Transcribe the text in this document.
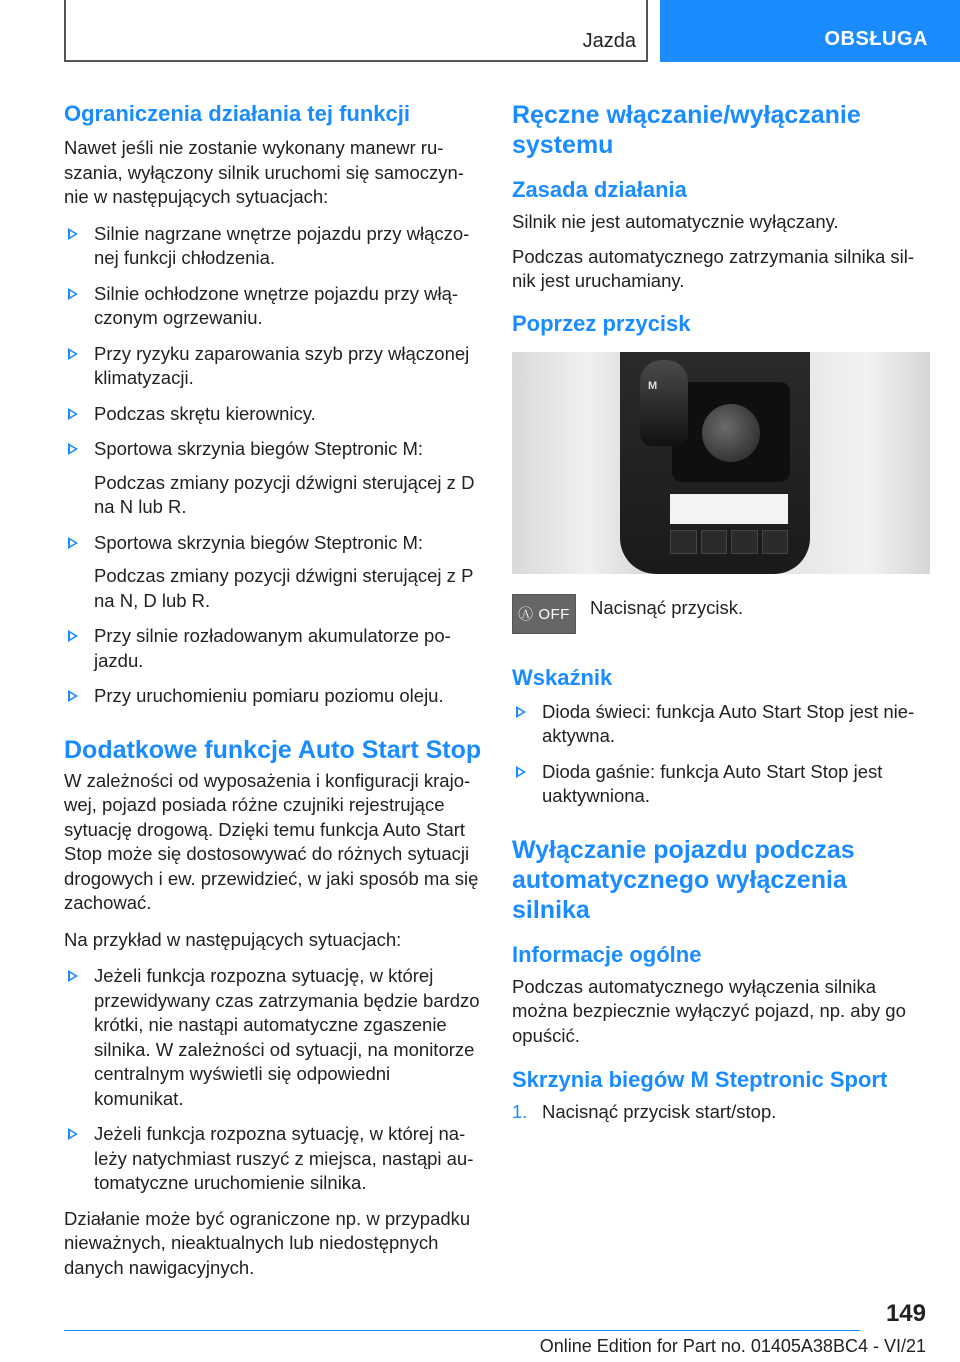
Jazda	OBSŁUGA
Ograniczenia działania tej funkcji

Nawet jeśli nie zostanie wykonany manewr ruszania, wyłączony silnik uruchomi się samoczynnie w następujących sytuacjach:

Silnie nagrzane wnętrze pojazdu przy włączonej funkcji chłodzenia.
Silnie ochłodzone wnętrze pojazdu przy włączonym ogrzewaniu.
Przy ryzyku zaparowania szyb przy włączonej klimatyzacji.
Podczas skrętu kierownicy.
Sportowa skrzynia biegów Steptronic M:
Podczas zmiany pozycji dźwigni sterującej z D na N lub R.
Sportowa skrzynia biegów Steptronic M:
Podczas zmiany pozycji dźwigni sterującej z P na N, D lub R.
Przy silnie rozładowanym akumulatorze pojazdu.
Przy uruchomieniu pomiaru poziomu oleju.
Dodatkowe funkcje Auto Start Stop

W zależności od wyposażenia i konfiguracji krajowej, pojazd posiada różne czujniki rejestrujące sytuację drogową. Dzięki temu funkcja Auto Start Stop może się dostosowywać do różnych sytuacji drogowych i ew. przewidzieć, w jaki sposób ma się zachować.

Na przykład w następujących sytuacjach:

Jeżeli funkcja rozpozna sytuację, w której przewidywany czas zatrzymania będzie bardzo krótki, nie nastąpi automatyczne zgaszenie silnika. W zależności od sytuacji, na monitorze centralnym wyświetli się odpowiedni komunikat.
Jeżeli funkcja rozpozna sytuację, w której należy natychmiast ruszyć z miejsca, nastąpi automatyczne uruchomienie silnika.

Działanie może być ograniczone np. w przypadku nieważnych, nieaktualnych lub niedostępnych danych nawigacyjnych.

Ręczne włączanie/wyłączanie systemu
Zasada działania

Silnik nie jest automatycznie wyłączany.

Podczas automatycznego zatrzymania silnika silnik jest uruchamiany.

Poprzez przycisk
M
Ⓐ OFF	Nacisnąć przycisk.

Wskaźnik
Dioda świeci: funkcja Auto Start Stop jest nieaktywna.
Dioda gaśnie: funkcja Auto Start Stop jest uaktywniona.
Wyłączanie pojazdu podczas automatycznego wyłączenia silnika
Informacje ogólne

Podczas automatycznego wyłączenia silnika można bezpiecznie wyłączyć pojazd, np. aby go opuścić.

Skrzynia biegów M Steptronic Sport
1. Nacisnąć przycisk start/stop.
149
Online Edition for Part no. 01405A38BC4 - VI/21
